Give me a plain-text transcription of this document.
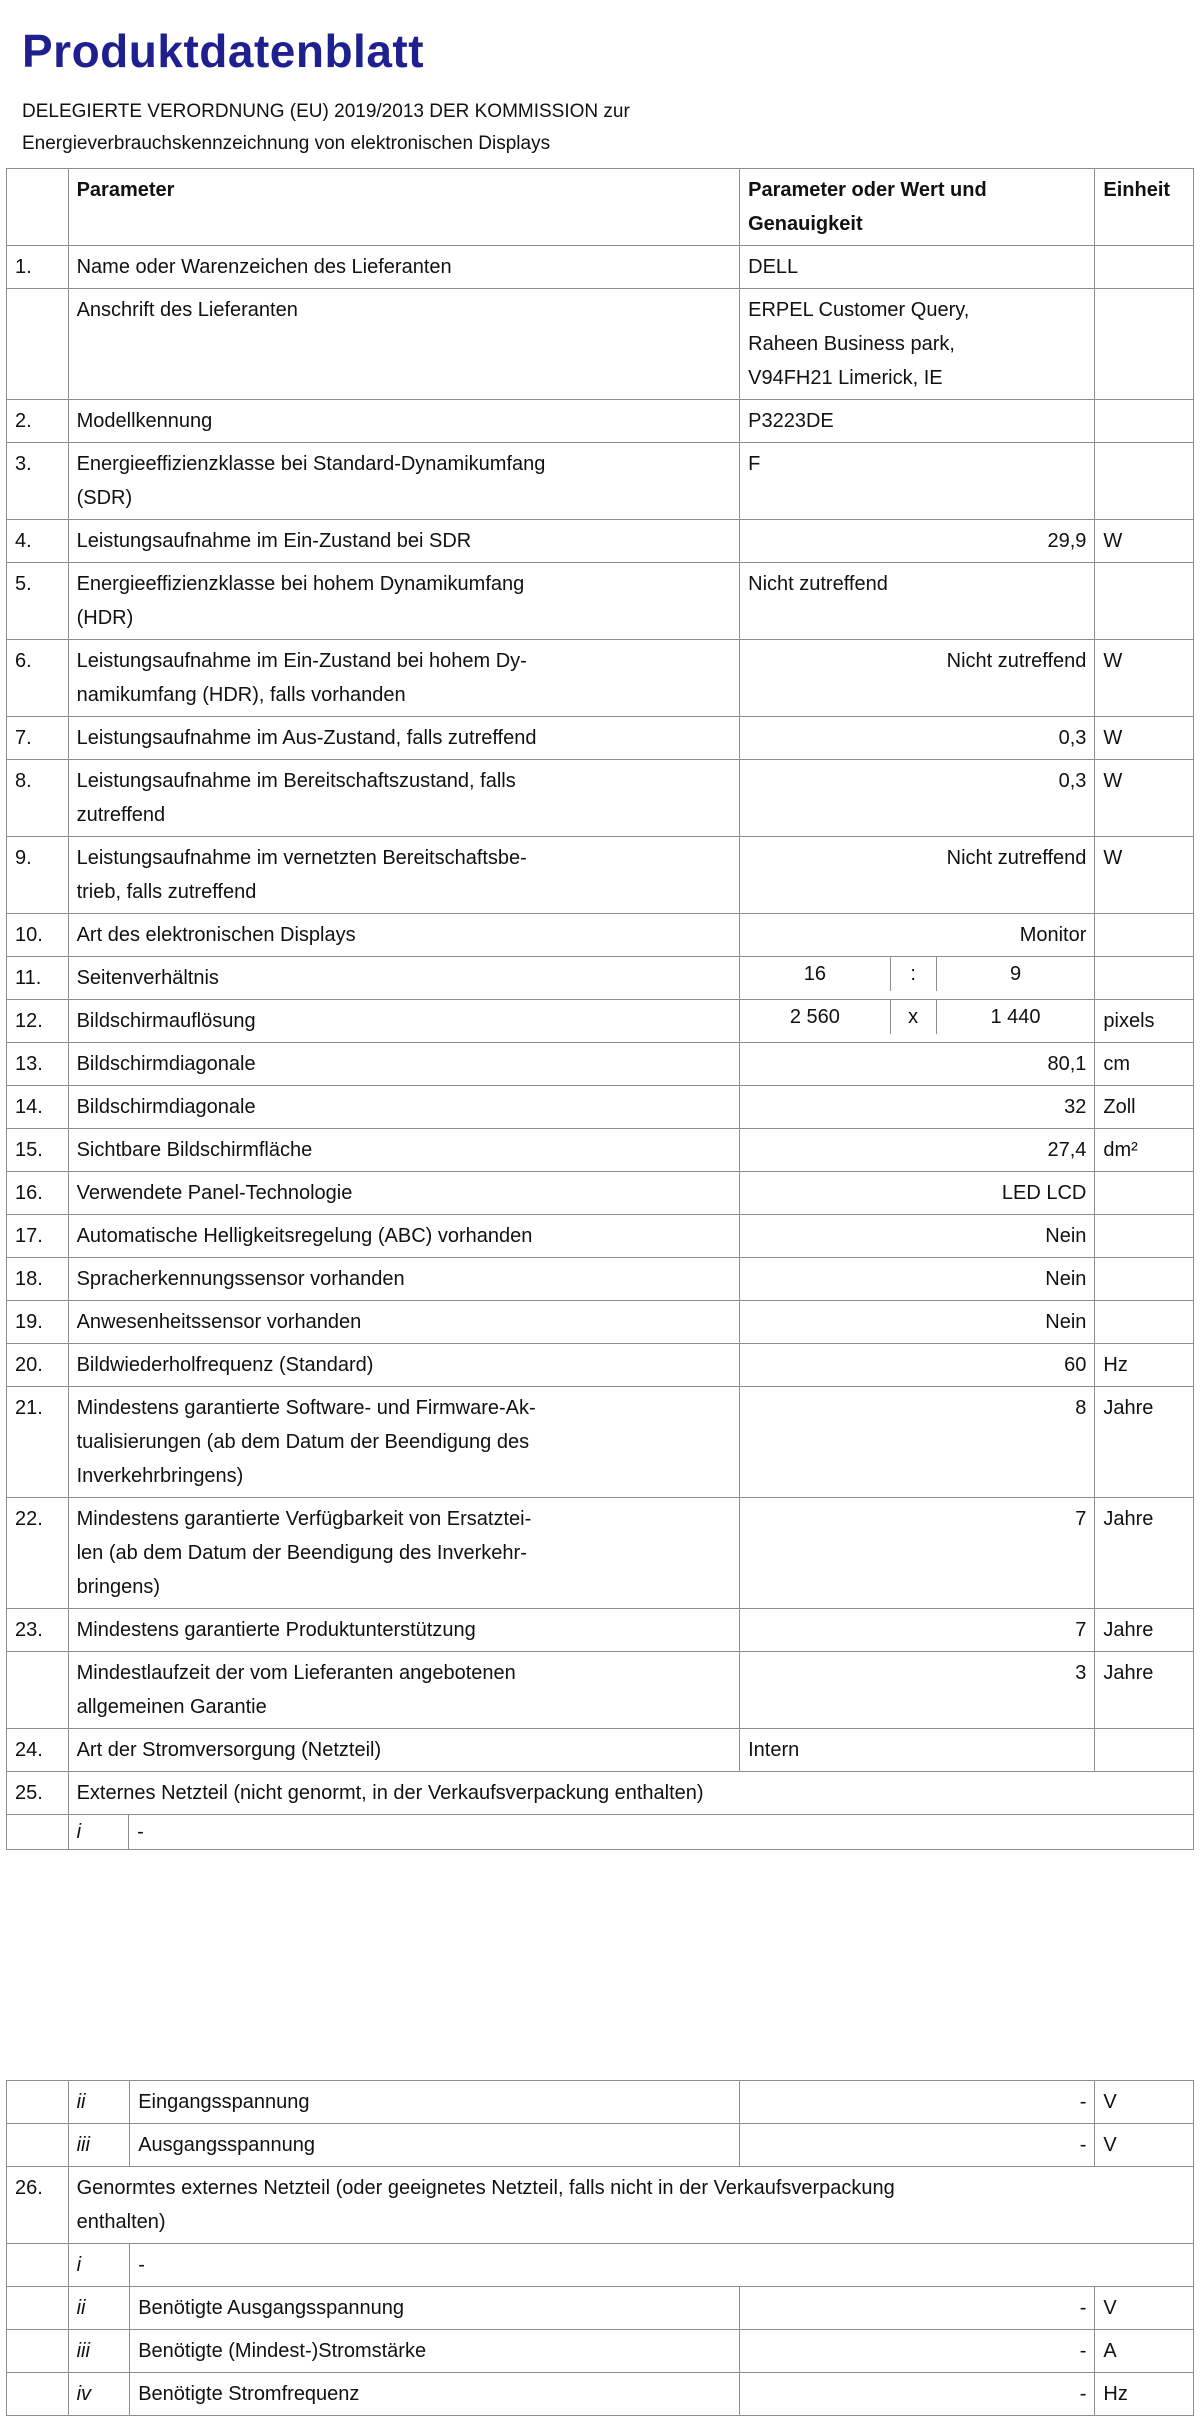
Produktdatenblatt
DELEGIERTE VERORDNUNG (EU) 2019/2013 DER KOMMISSION zur
Energieverbrauchskennzeichnung von elektronischen Displays
	Parameter	Parameter oder Wert und
Genauigkeit
	Einheit
1.	Name oder Warenzeichen des Lieferanten	DELL	
	Anschrift des Lieferanten	ERPEL Customer Query,
Raheen Business park,
V94FH21 Limerick, IE

2.	Modellkennung	P3223DE	
3.	Energieeffizienzklasse bei Standard-Dynamikumfang
(SDR)
	F	
4.	Leistungsaufnahme im Ein-Zustand bei SDR	29,9	W
5.	Energieeffizienzklasse bei hohem Dynamikumfang
(HDR)
	Nicht zutreffend	
6.	Leistungsaufnahme im Ein-Zustand bei hohem Dy-
namikumfang (HDR), falls vorhanden
	Nicht zutreffend	W
7.	Leistungsaufnahme im Aus-Zustand, falls zutreffend	0,3	W
8.	Leistungsaufnahme im Bereitschaftszustand, falls
zutreffend
	0,3	W
9.	Leistungsaufnahme im vernetzten Bereitschaftsbe-
trieb, falls zutreffend
	Nicht zutreffend	W
10.	Art des elektronischen Displays	Monitor	
11.	Seitenverhältnis		16	:	9

12.	Bildschirmauflösung		2 560	x	1 440
		pixels
13.	Bildschirmdiagonale	80,1	cm
14.	Bildschirmdiagonale	32	Zoll
15.	Sichtbare Bildschirmfläche	27,4	dm²
16.	Verwendete Panel-Technologie	LED LCD	
17.	Automatische Helligkeitsregelung (ABC) vorhanden	Nein	
18.	Spracherkennungssensor vorhanden	Nein	
19.	Anwesenheitssensor vorhanden	Nein	
20.	Bildwiederholfrequenz (Standard)	60	Hz
21.	Mindestens garantierte Software- und Firmware-Ak-
tualisierungen (ab dem Datum der Beendigung des
Inverkehrbringens)
	8	Jahre
22.	Mindestens garantierte Verfügbarkeit von Ersatztei-
len (ab dem Datum der Beendigung des Inverkehr-
bringens)
	7	Jahre
23.	Mindestens garantierte Produktunterstützung	7	Jahre

Mindestlaufzeit der vom Lieferanten angebotenen
allgemeinen Garantie
	3	Jahre
24.	Art der Stromversorgung (Netzteil)	Intern	
25.	Externes Netzteil (nicht genormt, in der Verkaufsverpackung enthalten)

i	-
	ii	Eingangsspannung	-	V
	iii	Ausgangsspannung	-	V
26.	Genormtes externes Netzteil (oder geeignetes Netzteil, falls nicht in der Verkaufsverpackung
enthalten)			

	i	-		
	ii	Benötigte Ausgangsspannung	-	V
	iii	Benötigte (Mindest-)Stromstärke	-	A
	iv	Benötigte Stromfrequenz	-	Hz
